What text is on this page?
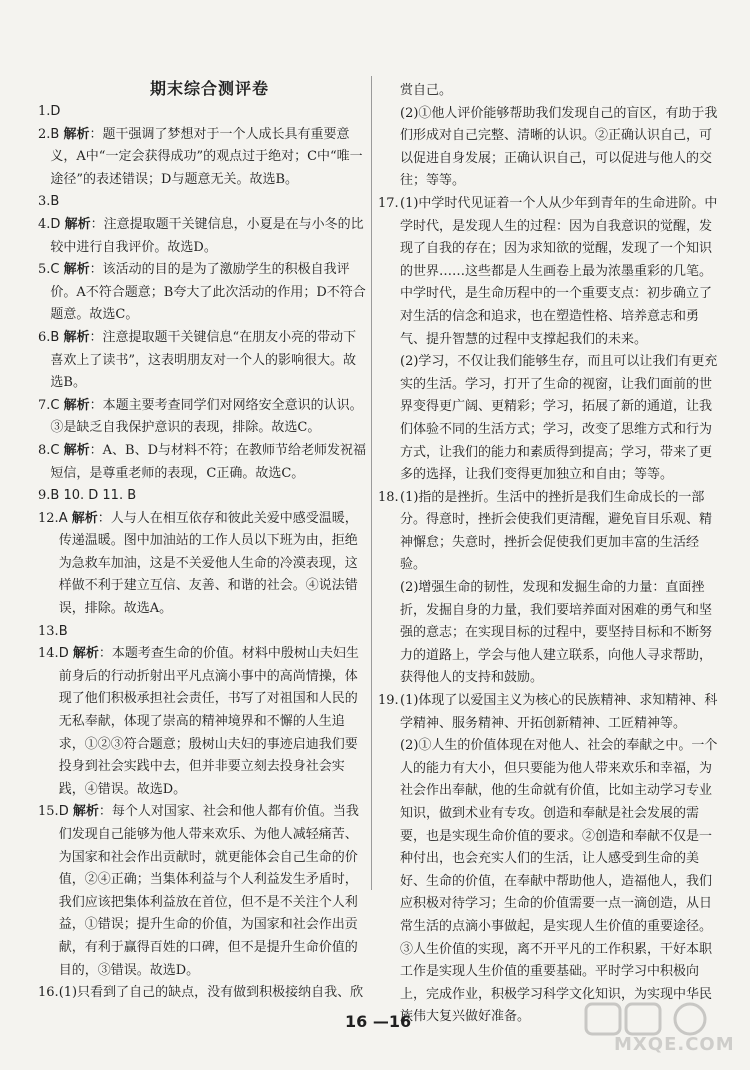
期末综合测评卷
1. D
2. B 解析：题干强调了梦想对于一个人成长具有重要意义，A中“一定会获得成功”的观点过于绝对；C中“唯一途径”的表述错误；D与题意无关。故选B。
3. B
4. D 解析：注意提取题干关键信息，小夏是在与小冬的比较中进行自我评价。故选D。
5. C 解析：该活动的目的是为了激励学生的积极自我评价。A不符合题意；B夸大了此次活动的作用；D不符合题意。故选C。
6. B 解析：注意提取题干关键信息“在朋友小亮的带动下喜欢上了读书”，这表明朋友对一个人的影响很大。故选B。
7. C 解析：本题主要考查同学们对网络安全意识的认识。③是缺乏自我保护意识的表现，排除。故选C。
8. C 解析：A、B、D与材料不符；在教师节给老师发祝福短信，是尊重老师的表现，C正确。故选C。
9. B 10. D 11. B
12. A 解析：人与人在相互依存和彼此关爱中感受温暖，传递温暖。图中加油站的工作人员以下班为由，拒绝为急救车加油，这是不关爱他人生命的冷漠表现，这样做不利于建立互信、友善、和谐的社会。④说法错误，排除。故选A。
13. B
14. D 解析：本题考查生命的价值。材料中殷树山夫妇生前身后的行动折射出平凡点滴小事中的高尚情操，体现了他们积极承担社会责任，书写了对祖国和人民的无私奉献，体现了崇高的精神境界和不懈的人生追求，①②③符合题意；殷树山夫妇的事迹启迪我们要投身到社会实践中去，但并非要立刻去投身社会实践，④错误。故选D。
15. D 解析：每个人对国家、社会和他人都有价值。当我们发现自己能够为他人带来欢乐、为他人减轻痛苦、为国家和社会作出贡献时，就更能体会自己生命的价值，②④正确；当集体利益与个人利益发生矛盾时，我们应该把集体利益放在首位，但不是不关注个人利益，①错误；提升生命的价值，为国家和社会作出贡献，有利于赢得百姓的口碑，但不是提升生命价值的目的，③错误。故选D。
16. (1)只看到了自己的缺点，没有做到积极接纳自我、欣
赏自己。
(2)①他人评价能够帮助我们发现自己的盲区，有助于我们形成对自己完整、清晰的认识。②正确认识自己，可以促进自身发展；正确认识自己，可以促进与他人的交往；等等。
17. (1)中学时代见证着一个人从少年到青年的生命进阶。中学时代，是发现人生的过程：因为自我意识的觉醒，发现了自我的存在；因为求知欲的觉醒，发现了一个知识的世界……这些都是人生画卷上最为浓墨重彩的几笔。中学时代，是生命历程中的一个重要支点：初步确立了对生活的信念和追求，也在塑造性格、培养意志和勇气、提升智慧的过程中支撑起我们的未来。
(2)学习，不仅让我们能够生存，而且可以让我们有更充实的生活。学习，打开了生命的视窗，让我们面前的世界变得更广阔、更精彩；学习，拓展了新的通道，让我们体验不同的生活方式；学习，改变了思维方式和行为方式，让我们的能力和素质得到提高；学习，带来了更多的选择，让我们变得更加独立和自由；等等。
18. (1)指的是挫折。生活中的挫折是我们生命成长的一部分。得意时，挫折会使我们更清醒，避免盲目乐观、精神懈怠；失意时，挫折会促使我们更加丰富的生活经验。
(2)增强生命的韧性，发现和发掘生命的力量：直面挫折，发掘自身的力量，我们要培养面对困难的勇气和坚强的意志；在实现目标的过程中，要坚持目标和不断努力的道路上，学会与他人建立联系，向他人寻求帮助，获得他人的支持和鼓励。
19. (1)体现了以爱国主义为核心的民族精神、求知精神、科学精神、服务精神、开拓创新精神、工匠精神等。
(2)①人生的价值体现在对他人、社会的奉献之中。一个人的能力有大小，但只要能为他人带来欢乐和幸福，为社会作出奉献，他的生命就有价值，比如主动学习专业知识，做到术业有专攻。创造和奉献是社会发展的需要，也是实现生命价值的要求。②创造和奉献不仅是一种付出，也会充实人们的生活，让人感受到生命的美好、生命的价值，在奉献中帮助他人，造福他人，我们应积极对待学习；生命的价值需要一点一滴创造，从日常生活的点滴小事做起，是实现人生价值的重要途径。③人生价值的实现，离不开平凡的工作积累，干好本职工作是实现人生价值的重要基础。平时学习中积极向上，完成作业，积极学习科学文化知识，为实现中华民族伟大复兴做好准备。
16 —16
MXQE.COM
